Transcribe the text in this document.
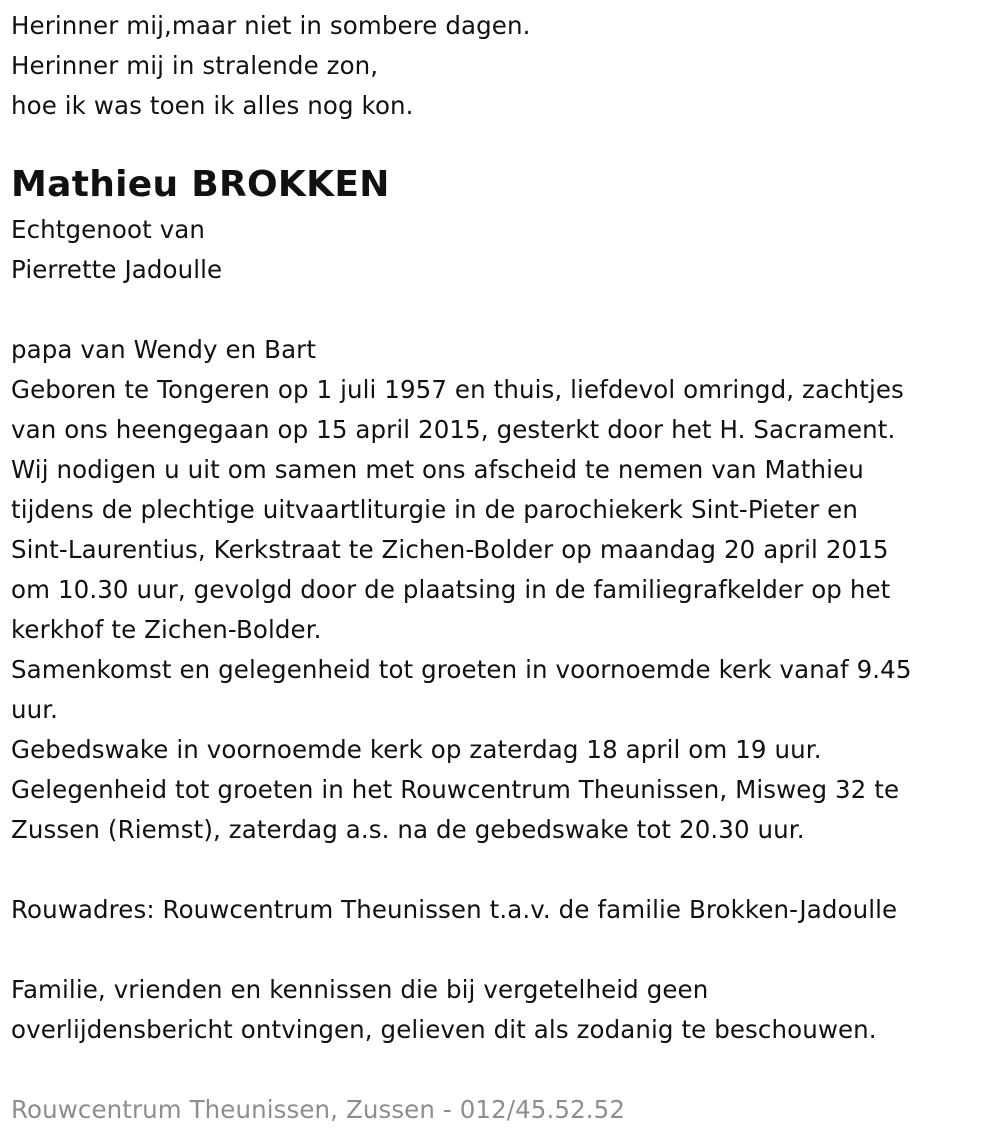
Herinner mij,maar niet in sombere dagen.
Herinner mij in stralende zon,
hoe ik was toen ik alles nog kon.
Mathieu BROKKEN
Echtgenoot van
Pierrette Jadoulle
papa van Wendy en Bart
Geboren te Tongeren op 1 juli 1957 en thuis, liefdevol omringd, zachtjes
van ons heengegaan op 15 april 2015, gesterkt door het H. Sacrament.
Wij nodigen u uit om samen met ons afscheid te nemen van Mathieu
tijdens de plechtige uitvaartliturgie in de parochiekerk Sint-Pieter en
Sint-Laurentius, Kerkstraat te Zichen-Bolder op maandag 20 april 2015
om 10.30 uur, gevolgd door de plaatsing in de familiegrafkelder op het
kerkhof te Zichen-Bolder.
Samenkomst en gelegenheid tot groeten in voornoemde kerk vanaf 9.45
uur.
Gebedswake in voornoemde kerk op zaterdag 18 april om 19 uur.
Gelegenheid tot groeten in het Rouwcentrum Theunissen, Misweg 32 te
Zussen (Riemst), zaterdag a.s. na de gebedswake tot 20.30 uur.
Rouwadres: Rouwcentrum Theunissen t.a.v. de familie Brokken-Jadoulle
Familie, vrienden en kennissen die bij vergetelheid geen
overlijdensbericht ontvingen, gelieven dit als zodanig te beschouwen.
Rouwcentrum Theunissen, Zussen - 012/45.52.52
